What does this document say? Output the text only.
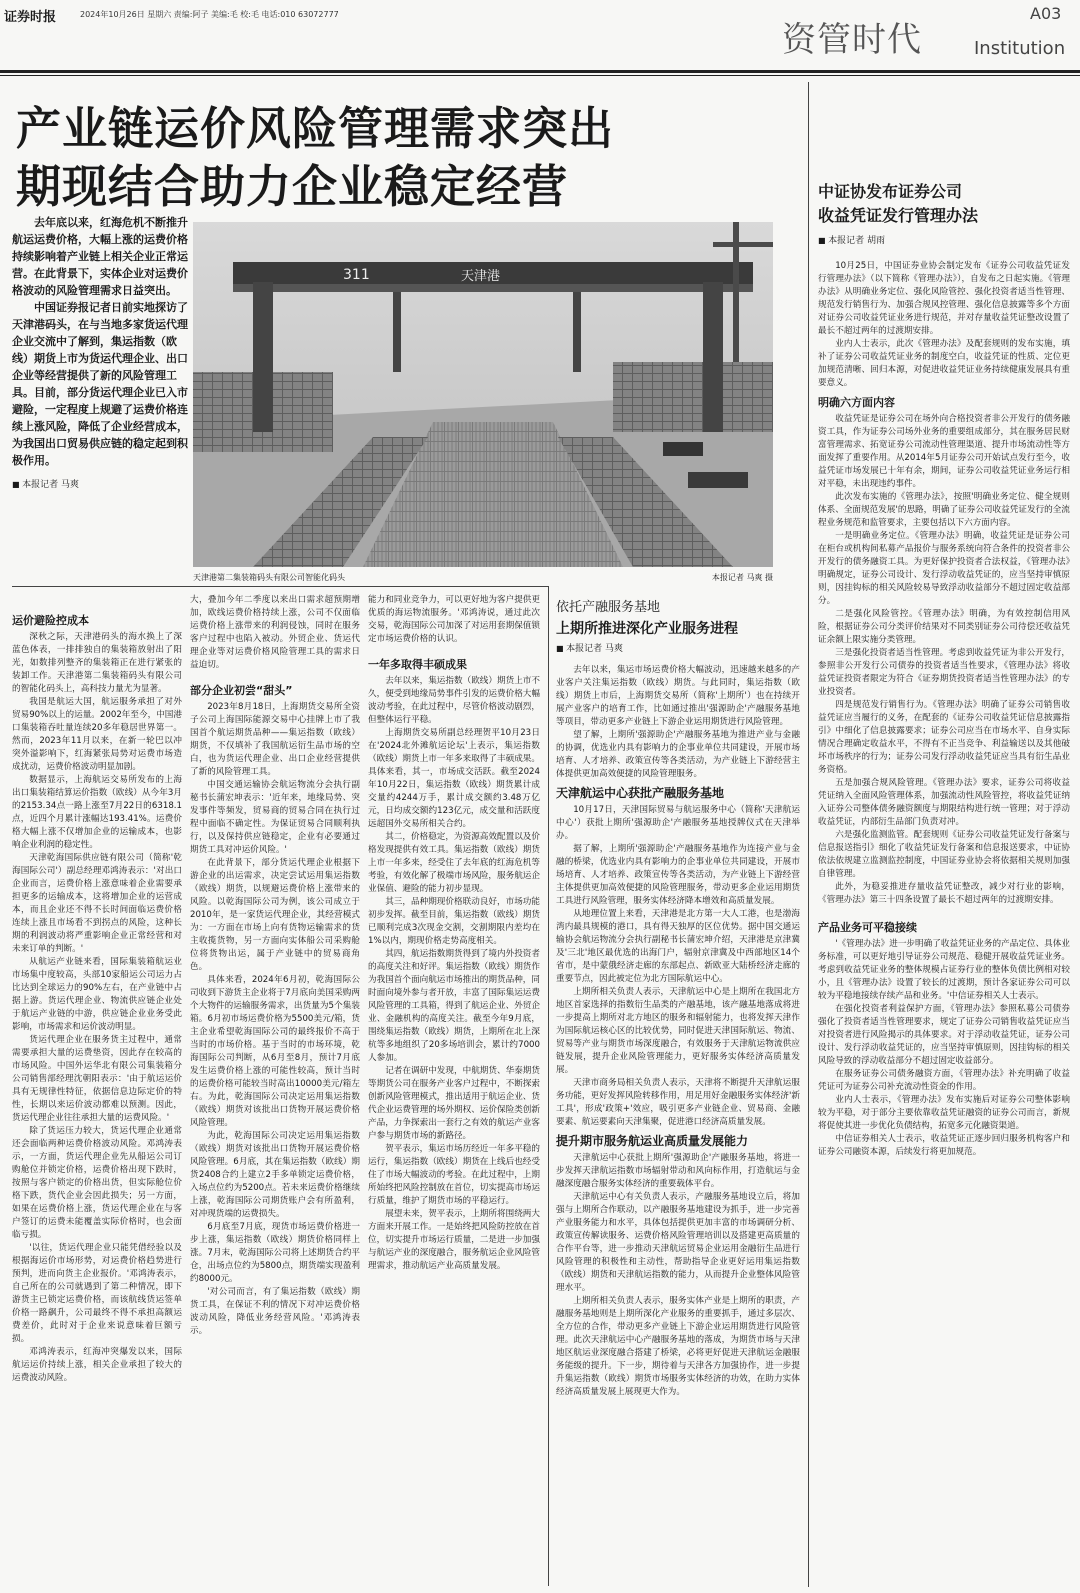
证券时报	2024年10月26日 星期六 责编:阿子 美编:毛 校:毛 电话:010 63072777
资管时代
A03
Institution
产业链运价风险管理需求突出
期现结合助力企业稳定经营

去年底以来，红海危机不断推升航运运费价格，大幅上涨的运费价格持续影响着产业链上相关企业正常运营。在此背景下，实体企业对运费价格波动的风险管理需求日益突出。

中国证券报记者日前实地探访了天津港码头，在与当地多家货运代理企业交流中了解到，集运指数（欧线）期货上市为货运代理企业、出口企业等经营提供了新的风险管理工具。目前，部分货运代理企业已入市避险，一定程度上规避了运费价格连续上涨风险，降低了企业经营成本，为我国出口贸易供应链的稳定起到积极作用。

■ 本报记者 马爽
311	天津港
天津港第二集装箱码头有限公司智能化码头	本报记者 马爽 摄
运价避险控成本

深秋之际，天津港码头的海水换上了深蓝色体表，一排排独自的集装箱放射出了阳光，如数排列整齐的集装箱正在进行紧张的装卸工作。天津港第二集装箱码头有限公司的智能化码头上，高科技力量尤为显著。

我国是航运大国，航运服务承担了对外贸易90%以上的运量。2002年至今，中国港口集装箱吞吐量连续20多年稳居世界第一。然而，2023年11月以来，在新一轮巴以冲突外溢影响下，红海紧张局势对运费市场造成扰动，运费价格波动明显加剧。

数据显示，上海航运交易所发布的上海出口集装箱结算运价指数（欧线）从今年3月的2153.34点一路上涨至7月22日的6318.1点，近四个月累计涨幅达193.41%。运费价格大幅上涨不仅增加企业的运输成本，也影响企业利润的稳定性。

天津乾海国际供应链有限公司（简称'乾海国际公司'）副总经理邓鸿涛表示：'对出口企业而言，运费价格上涨意味着企业需要承担更多的运输成本，这将增加企业的运营成本，而且企业还不得不长时间面临运费价格连续上涨且市场看不到拐点的风险，这种长期的利润波动将严重影响企业正常经营和对未来订单的判断。'

从航运产业链来看，国际集装箱航运业市场集中度较高，头部10家船运公司运力占比达到全球运力的90%左右，在产业链中占据上游。货运代理企业、物流供应链企业处于航运产业链的中游，供应链企业业务受此影响，市场需求和运价波动明显。

货运代理企业在服务货主过程中，通常需要承担大量的运费垫资，因此存在较高的市场风险。中国外运华北有限公司集装箱分公司销售部经理沈朝阳表示：'由于航运运价具有无规律性特征，依据信息边际定价的特性，长期以来运价波动都难以预测。因此，货运代理企业往往承担大量的运费风险。'

除了货运压力较大，货运代理企业通常还会面临两种运费价格波动风险。邓鸿涛表示，一方面，货运代理企业先从船运公司订购舱位并锁定价格，运费价格出现下跌时，按照与客户锁定的价格出货，但实际舱位价格下跌，货代企业会因此损失；另一方面，如果在运费价格上涨，货运代理企业在与客户签订的运费未能覆盖实际价格时，也会面临亏损。

'以往，货运代理企业只能凭借经验以及根据海运价市场形势，对运费价格趋势进行预判，进而向货主企业报价。'邓鸿涛表示，自己所在的公司就遇到了第二种情况，即下游货主已锁定运费价格，而该航线货运签单价格一路飙升，公司最终不得不承担高额运费差价，此时对于企业来说意味着巨额亏损。

邓鸿涛表示，红海冲突爆发以来，国际航运运价持续上涨，相关企业承担了较大的运费波动风险。

大，叠加今年二季度以来出口需求超预期增加，欧线运费价格持续上涨，公司不仅面临运费价格上涨带来的利润侵蚀，同时在服务客户过程中也陷入被动。外贸企业、货运代理企业等对运费价格风险管理工具的需求日益迫切。

部分企业初尝“甜头”

2023年8月18日，上海期货交易所全资子公司上海国际能源交易中心挂牌上市了我国首个航运期货品种——集运指数（欧线）期货，不仅填补了我国航运衍生品市场的空白，也为货运代理企业、出口企业经营提供了新的风险管理工具。

中国交通运输协会航运物流分会执行副秘书长蒲宏坤表示：'近年来，地缘局势、突发事件等频发，贸易商的贸易合同在执行过程中面临不确定性。为保证贸易合同顺利执行，以及保持供应链稳定，企业有必要通过期货工具对冲运价风险。'

在此背景下，部分货运代理企业根据下游企业的出运需求，决定尝试运用集运指数（欧线）期货，以规避运费价格上涨带来的风险。以乾海国际公司为例，该公司成立于2010年，是一家货运代理企业，其经营模式为：一方面在市场上向有货物运输需求的货主收揽货物，另一方面向实体船公司采购舱位将货物出运，属于产业链中的贸易商角色。

具体来看，2024年6月初，乾海国际公司收到下游货主企业将于7月底向美国采购两个大物件的运输服务需求，出货量为5个集装箱。6月初市场运费价格为5500美元/箱，货主企业希望乾海国际公司的最终报价不高于当时的市场价格。基于当时的市场环境，乾海国际公司判断，从6月至8月，预计7月底发生运费价格上涨的可能性较高，预计当时的运费价格可能较当时高出10000美元/箱左右。为此，乾海国际公司决定运用集运指数（欧线）期货对该批出口货物开展运费价格风险管理。

为此，乾海国际公司决定运用集运指数（欧线）期货对该批出口货物开展运费价格风险管理。6月底，其在集运指数（欧线）期货2408合约上建立2手多单锁定运费价格，入场点位约为5200点。若未来运费价格继续上涨，乾海国际公司期货账户会有所盈利，对冲现货端的运费损失。

6月底至7月底，现货市场运费价格进一步上涨，集运指数（欧线）期货价格同样上涨。7月末，乾海国际公司将上述期货合约平仓，出场点位约为5800点，期货端实现盈利约8000元。

'对公司而言，有了集运指数（欧线）期货工具，在保证不利的情况下对冲运费价格波动风险，降低业务经营风险。'邓鸿涛表示。

能力和同业竞争力，可以更好地为客户提供更优质的海运物流服务。'邓鸿涛说，通过此次交易，乾海国际公司加深了对运用套期保值锁定市场运费价格的认识。

一年多取得丰硕成果

去年以来，集运指数（欧线）期货上市不久，便受到地缘局势事件引发的运费价格大幅波动考验，在此过程中，尽管价格波动剧烈，但整体运行平稳。

上海期货交易所副总经理贺平10月23日在'2024北外滩航运论坛'上表示，集运指数（欧线）期货上市一年多来取得了丰硕成果。具体来看，其一，市场成交活跃。截至2024年10月22日，集运指数（欧线）期货累计成交量约4244万手，累计成交额约3.48万亿元，日均成交额约123亿元，成交量和活跃度远超国外交易所相关合约。

其二，价格稳定，为资源高效配置以及价格发现提供有效工具。集运指数（欧线）期货上市一年多来，经受住了去年底的红海危机等考验，有效化解了极端市场风险，服务航运企业保值、避险的能力初步显现。

其三，品种期现价格联动良好，市场功能初步发挥。截至目前，集运指数（欧线）期货已顺利完成3次现金交割，交割期限内差均在1%以内，期现价格走势高度相关。

其四，航运指数期货得到了境内外投资者的高度关注和好评。集运指数（欧线）期货作为我国首个面向航运市场推出的期货品种，同时面向境外参与者开放，丰富了国际集运运费风险管理的工具箱，得到了航运企业、外贸企业、金融机构的高度关注。截至今年9月底，围绕集运指数（欧线）期货，上期所在北上深杭等多地组织了20多场培训会，累计约7000人参加。

记者在调研中发现，中航期货、华泰期货等期货公司在服务产业客户过程中，不断探索创新风险管理模式，推出适用于航运企业、货代企业运费管理的场外期权、运价保险类创新产品，力争探索出一套行之有效的航运产业客户参与期货市场的新路径。

贺平表示，集运市场历经近一年多平稳的运行，集运指数（欧线）期货在上线后也经受住了市场大幅波动的考验。在此过程中，上期所始终把风险控制放在首位，切实提高市场运行质量，维护了期货市场的平稳运行。

展望未来，贺平表示，上期所将围绕两大方面来开展工作。一是始终把风险防控放在首位，切实提升市场运行质量，二是进一步加强与航运产业的深度融合，服务航运企业风险管理需求，推动航运产业高质量发展。

依托产融服务基地
上期所推进深化产业服务进程
■ 本报记者 马爽

去年以来，集运市场运费价格大幅波动，迅速越来越多的产业客户关注集运指数（欧线）期货。与此同时，集运指数（欧线）期货上市后，上海期货交易所（简称'上期所'）也在持续开展产业客户的培育工作，比如通过推出'强源助企'产融服务基地等项目，带动更多产业链上下游企业运用期货进行风险管理。

望了解，上期所'强源助企'产融服务基地为推进产业与金融的协调，优选业内具有影响力的企事业单位共同建设，开展市场培育、人才培养、政策宣传等各类活动，为产业链上下游经营主体提供更加高效便捷的风险管理服务。

天津航运中心获批产融服务基地

10月17日，天津国际贸易与航运服务中心（简称'天津航运中心'）获批上期所'强源助企'产融服务基地授牌仪式在天津举办。

据了解，上期所'强源助企'产融服务基地作为连接产业与金融的桥梁，优选业内具有影响力的企事业单位共同建设，开展市场培育、人才培养、政策宣传等各类活动，为产业链上下游经营主体提供更加高效便捷的风险管理服务，带动更多企业运用期货工具进行风险管理，服务实体经济降本增效和高质量发展。

从地理位置上来看，天津港是北方第一大人工港，也是渤海湾内最具规模的港口，具有得天独厚的区位优势。据中国交通运输协会航运物流分会执行副秘书长蒲宏坤介绍，天津港是京津冀及'三北'地区最优选的出海门户，辐射京津冀及中西部地区14个省市，是中蒙俄经济走廊的东部起点、新欧亚大陆桥经济走廊的重要节点，因此被定位为北方国际航运中心。

上期所相关负责人表示，天津航运中心是上期所在我国北方地区首家选择的指数衍生品类的产融基地，该产融基地落成将进一步提高上期所对北方地区的服务和辐射能力，也将发挥天津作为国际航运核心区的比较优势，同时促进天津国际航运、物流、贸易等产业与期货市场深度融合，有效服务于天津航运物流供应链发展，提升企业风险管理能力，更好服务实体经济高质量发展。

天津市商务局相关负责人表示，天津将不断提升天津航运服务功能，更好发挥风险转移作用，用足用好金融服务实体经济'新工具'，形成'政策+'效应，吸引更多产业链企业、贸易商、金融要素、航运要素向天津集聚，促进港口经济高质量发展。

提升期市服务航运业高质量发展能力

天津航运中心获批上期所'强源助企'产融服务基地，将进一步发挥天津航运指数市场辐射带动和风向标作用，打造航运与金融深度融合服务实体经济的重要载体平台。

天津航运中心有关负责人表示，产融服务基地设立后，将加强与上期所合作联动，以产融服务基地建设为抓手，进一步完善产业服务能力和水平，具体包括提供更加丰富的市场调研分析、政策宣传解读服务、运费价格风险管理培训以及搭建更高质量的合作平台等，进一步推动天津航运贸易企业运用金融衍生品进行风险管理的积极性和主动性，帮助指导企业更好运用集运指数（欧线）期货和天津航运指数的能力，从而提升企业整体风险管理水平。

上期所相关负责人表示，服务实体产业是上期所的职责，产融服务基地则是上期所深化产业服务的重要抓手，通过多层次、全方位的合作，带动更多产业链上下游企业运用期货进行风险管理。此次天津航运中心产融服务基地的落成，为期货市场与天津地区航运业深度融合搭建了桥梁，必将更好促进天津航运金融服务能级的提升。下一步，期待着与天津各方加强协作，进一步提升集运指数（欧线）期货市场服务实体经济的功效，在助力实体经济高质量发展上展现更大作为。

中证协发布证券公司
收益凭证发行管理办法
■ 本报记者 胡雨

10月25日，中国证券业协会制定发布《证券公司收益凭证发行管理办法》（以下简称《管理办法》），自发布之日起实施。《管理办法》从明确业务定位、强化风险管控、强化投资者适当性管理、规范发行销售行为、加强合规风控管理、强化信息披露等多个方面对证券公司收益凭证业务进行规范，并对存量收益凭证整改设置了最长不超过两年的过渡期安排。

业内人士表示，此次《管理办法》及配套规则的发布实施，填补了证券公司收益凭证业务的制度空白，收益凭证的性质、定位更加规范清晰、回归本源，对促进收益凭证业务持续健康发展具有重要意义。

明确六方面内容

收益凭证是证券公司在场外向合格投资者非公开发行的债务融资工具，作为证券公司场外业务的重要组成部分，其在服务居民财富管理需求、拓宽证券公司流动性管理渠道、提升市场流动性等方面发挥了重要作用。从2014年5月证券公司开始试点发行至今，收益凭证市场发展已十年有余，期间，证券公司收益凭证业务运行相对平稳，未出现违约事件。

此次发布实施的《管理办法》，按照'明确业务定位、健全规则体系、全面规范发展'的思路，明确了证券公司收益凭证发行的全流程业务规范和监管要求，主要包括以下六方面内容。

一是明确业务定位。《管理办法》明确，收益凭证是证券公司在柜台或机构间私募产品报价与服务系统向符合条件的投资者非公开发行的债务融资工具。为更好保护投资者合法权益，《管理办法》明确规定，证券公司设计、发行浮动收益凭证的，应当坚持审慎原则，因挂钩标的相关风险较易导致浮动收益部分不超过固定收益部分。

二是强化风险管控。《管理办法》明确，为有效控制信用风险，根据证券公司分类评价结果对不同类别证券公司待偿还收益凭证余额上限实施分类管理。

三是强化投资者适当性管理。考虑到收益凭证为非公开发行，参照非公开发行公司债券的投资者适当性要求，《管理办法》将收益凭证投资者限定为符合《证券期货投资者适当性管理办法》的专业投资者。

四是规范发行销售行为。《管理办法》明确了证券公司销售收益凭证应当履行的义务，在配套的《证券公司收益凭证信息披露指引》中细化了信息披露要求；证券公司应当在市场水平、自身实际情况合理确定收益水平，不得有不正当竞争、利益输送以及其他破坏市场秩序的行为；证券公司发行浮动收益凭证应当具有衍生品业务资格。

五是加强合规风险管理。《管理办法》要求，证券公司将收益凭证纳入全面风险管理体系，加强流动性风险管控，将收益凭证纳入证券公司整体债务融资额度与期限结构进行统一管理；对于浮动收益凭证，内部衍生品部门负责对冲。

六是强化监测监管。配套规则《证券公司收益凭证发行备案与信息报送指引》细化了收益凭证发行备案和信息报送要求，中证协依法依规建立监测监控制度，中国证券业协会将依据相关规则加强自律管理。

此外，为稳妥推进存量收益凭证整改，减少对行业的影响，《管理办法》第三十四条设置了最长不超过两年的过渡期安排。

产品业务可平稳接续

'《管理办法》进一步明确了收益凭证业务的产品定位、具体业务标准，可以更好地引导证券公司规范、稳健开展收益凭证业务。考虑到收益凭证业务的整体规模占证券行业的整体负债比例相对较小，且《管理办法》设置了较长的过渡期，预计各家证券公司可以较为平稳地接续存续产品和业务。'中信证券相关人士表示。

在强化投资者利益保护方面，《管理办法》参照私募公司债券强化了投资者适当性管理要求，规定了证券公司销售收益凭证应当对投资者进行风险揭示的具体要求。对于浮动收益凭证，证券公司设计、发行浮动收益凭证的，应当坚持审慎原则，因挂钩标的相关风险导致的浮动收益部分不超过固定收益部分。

在服务证券公司债务融资方面，《管理办法》补充明确了收益凭证可为证券公司补充流动性资金的作用。

业内人士表示，《管理办法》发布实施后对证券公司整体影响较为平稳，对于部分主要依靠收益凭证融资的证券公司而言，新规将促使其进一步优化负债结构，拓宽多元化融资渠道。

中信证券相关人士表示，收益凭证正逐步回归服务机构客户和证券公司融资本源，后续发行将更加规范。
